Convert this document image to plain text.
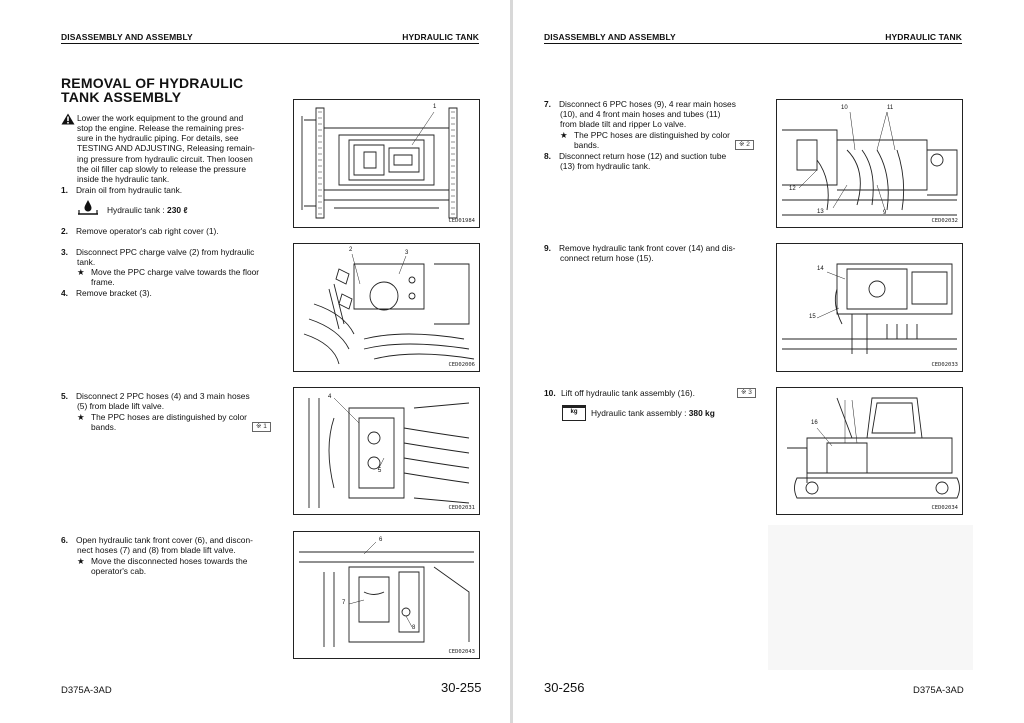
DISASSEMBLY AND ASSEMBLY	HYDRAULIC TANK
REMOVAL OF HYDRAULIC
TANK ASSEMBLY
Lower the work equipment to the ground and
stop the engine. Release the remaining pres-
sure in the hydraulic piping. For details, see
TESTING AND ADJUSTING, Releasing remain-
ing pressure from hydraulic circuit. Then loosen
the oil filler cap slowly to release the pressure
inside the hydraulic tank.
1. Drain oil from hydraulic tank.
Hydraulic tank : 230 ℓ
2. Remove operator's cab right cover (1).
3. Disconnect PPC charge valve (2) from hydraulic
tank.
★ Move the PPC charge valve towards the floor
frame.
4. Remove bracket (3).
5. Disconnect 2 PPC hoses (4) and 3 main hoses
(5) from blade lift valve.
★ The PPC hoses are distinguished by color
bands.	※ 1
6. Open hydraulic tank front cover (6), and discon-
nect hoses (7) and (8) from blade lift valve.
★ Move the disconnected hoses towards the
operator's cab.
1
CED01984
2	3
CED02006
4
5
CED02031
6
7
8
CED02043
D375A-3AD	30-255
DISASSEMBLY AND ASSEMBLY	HYDRAULIC TANK
7. Disconnect 6 PPC hoses (9), 4 rear main hoses
(10), and 4 front main hoses and tubes (11)
from blade tilt and ripper Lo valve.
★ The PPC hoses are distinguished by color
bands.	※ 2
8. Disconnect return hose (12) and suction tube
(13) from hydraulic tank.
9. Remove hydraulic tank front cover (14) and dis-
connect return hose (15).
10. Lift off hydraulic tank assembly (16).	※ 3
kg	Hydraulic tank assembly : 380 kg
10	11
12
13	9
CED02032
14
15
CED02033
16
CED02034
30-256	D375A-3AD
